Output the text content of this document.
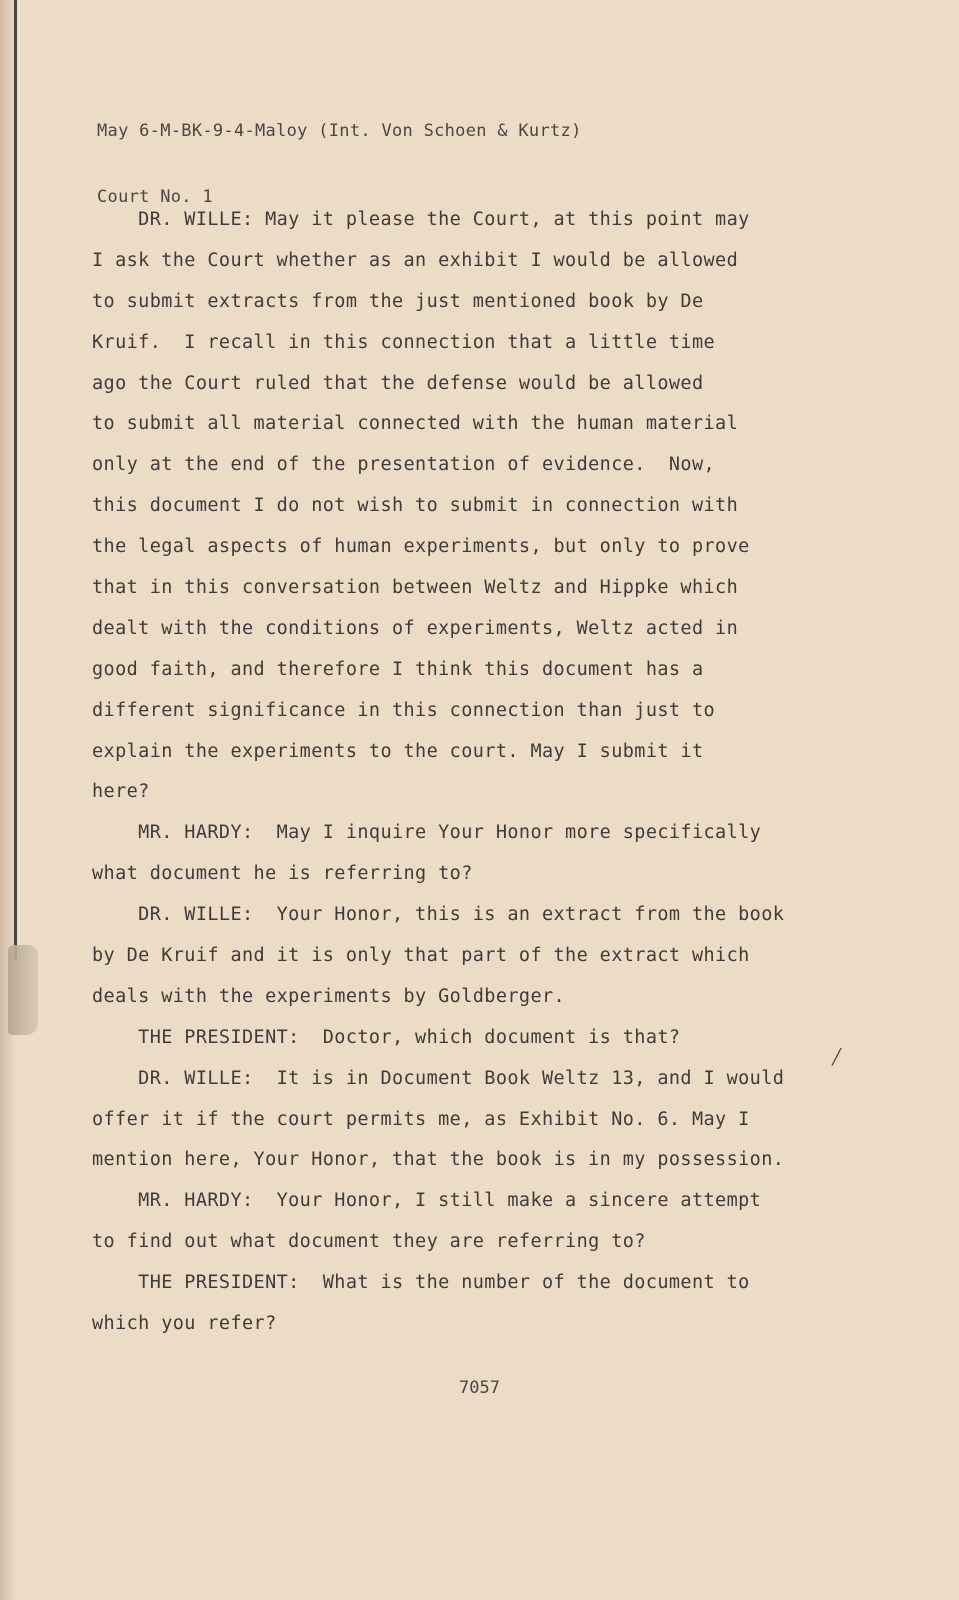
May 6-M-BK-9-4-Maloy (Int. Von Schoen & Kurtz)

Court No. 1

DR. WILLE: May it please the Court, at this point may
I ask the Court whether as an exhibit I would be allowed
to submit extracts from the just mentioned book by De
Kruif.  I recall in this connection that a little time
ago the Court ruled that the defense would be allowed
to submit all material connected with the human material
only at the end of the presentation of evidence.  Now,
this document I do not wish to submit in connection with
the legal aspects of human experiments, but only to prove
that in this conversation between Weltz and Hippke which
dealt with the conditions of experiments, Weltz acted in
good faith, and therefore I think this document has a
different significance in this connection than just to
explain the experiments to the court. May I submit it
here?
MR. HARDY:  May I inquire Your Honor more specifically
what document he is referring to?
DR. WILLE:  Your Honor, this is an extract from the book
by De Kruif and it is only that part of the extract which
deals with the experiments by Goldberger.
THE PRESIDENT:  Doctor, which document is that?
DR. WILLE:  It is in Document Book Weltz 13, and I would
offer it if the court permits me, as Exhibit No. 6. May I
mention here, Your Honor, that the book is in my possession.
MR. HARDY:  Your Honor, I still make a sincere attempt
to find out what document they are referring to?
THE PRESIDENT:  What is the number of the document to
which you refer?
╱
7057
